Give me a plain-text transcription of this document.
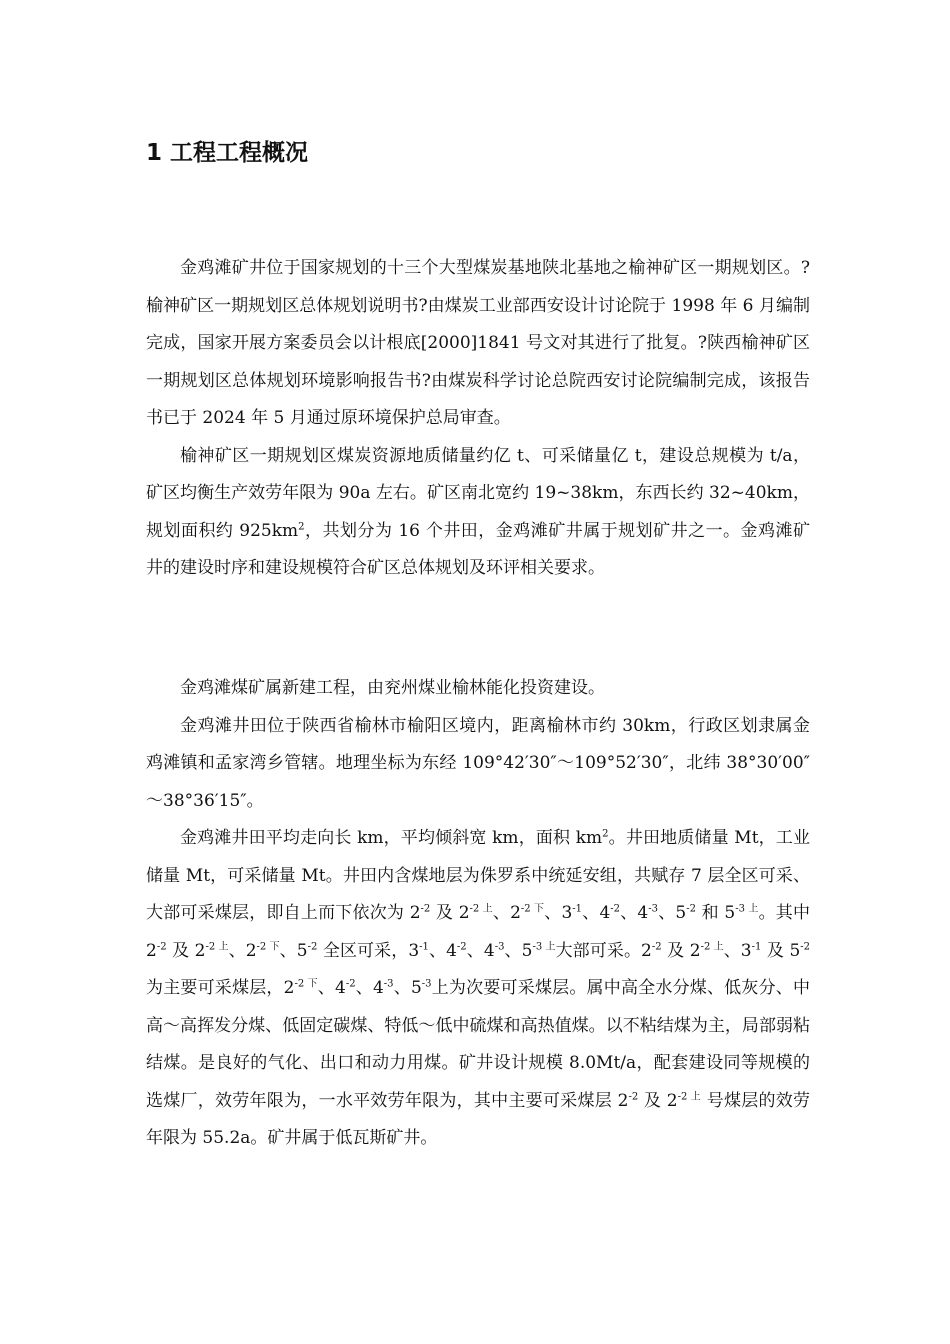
1 工程工程概况

金鸡滩矿井位于国家规划的十三个大型煤炭基地陕北基地之榆神矿区一期规划区。?榆神矿区一期规划区总体规划说明书?由煤炭工业部西安设计讨论院于 1998 年 6 月编制完成，国家开展方案委员会以计根底[2000]1841 号文对其进行了批复。?陕西榆神矿区一期规划区总体规划环境影响报告书?由煤炭科学讨论总院西安讨论院编制完成，该报告书已于 2024 年 5 月通过原环境保护总局审查。

榆神矿区一期规划区煤炭资源地质储量约亿 t、可采储量亿 t，建设总规模为 t/a，矿区均衡生产效劳年限为 90a 左右。矿区南北宽约 19~38km，东西长约 32~40km，规划面积约 $925km^2$，共划分为 16 个井田，金鸡滩矿井属于规划矿井之一。金鸡滩矿井的建设时序和建设规模符合矿区总体规划及环评相关要求。

金鸡滩煤矿属新建工程，由兖州煤业榆林能化投资建设。

金鸡滩井田位于陕西省榆林市榆阳区境内，距离榆林市约 30km，行政区划隶属金鸡滩镇和孟家湾乡管辖。地理坐标为东经 109°42′30″～109°52′30″，北纬 38°30′00″～38°36′15″。

金鸡滩井田平均走向长 km，平均倾斜宽 km，面积 $km^2$。井田地质储量 Mt，工业储量 Mt，可采储量 Mt。井田内含煤地层为侏罗系中统延安组，共赋存 7 层全区可采、大部可采煤层，即自上而下依次为 $2^{-2}$ 及 $2^{-2 上}$、$2^{-2 下}$、$3^{-1}$、$4^{-2}$、$4^{-3}$、$5^{-2}$ 和 $5^{-3 上}$。其中 $2^{-2}$ 及 $2^{-2 上}$、$2^{-2 下}$、$5^{-2}$ 全区可采，$3^{-1}$、$4^{-2}$、$4^{-3}$、$5^{-3 上}$大部可采。$2^{-2}$ 及 $2^{-2 上}$、$3^{-1}$ 及 $5^{-2}$ 为主要可采煤层，$2^{-2 下}$、$4^{-2}$、$4^{-3}$、$5^{-3}$上为次要可采煤层。属中高全水分煤、低灰分、中高～高挥发分煤、低固定碳煤、特低～低中硫煤和高热值煤。以不粘结煤为主，局部弱粘结煤。是良好的气化、出口和动力用煤。矿井设计规模 8.0Mt/a，配套建设同等规模的选煤厂，效劳年限为，一水平效劳年限为，其中主要可采煤层 $2^{-2}$ 及 $2^{-2 上}$ 号煤层的效劳年限为 55.2a。矿井属于低瓦斯矿井。
